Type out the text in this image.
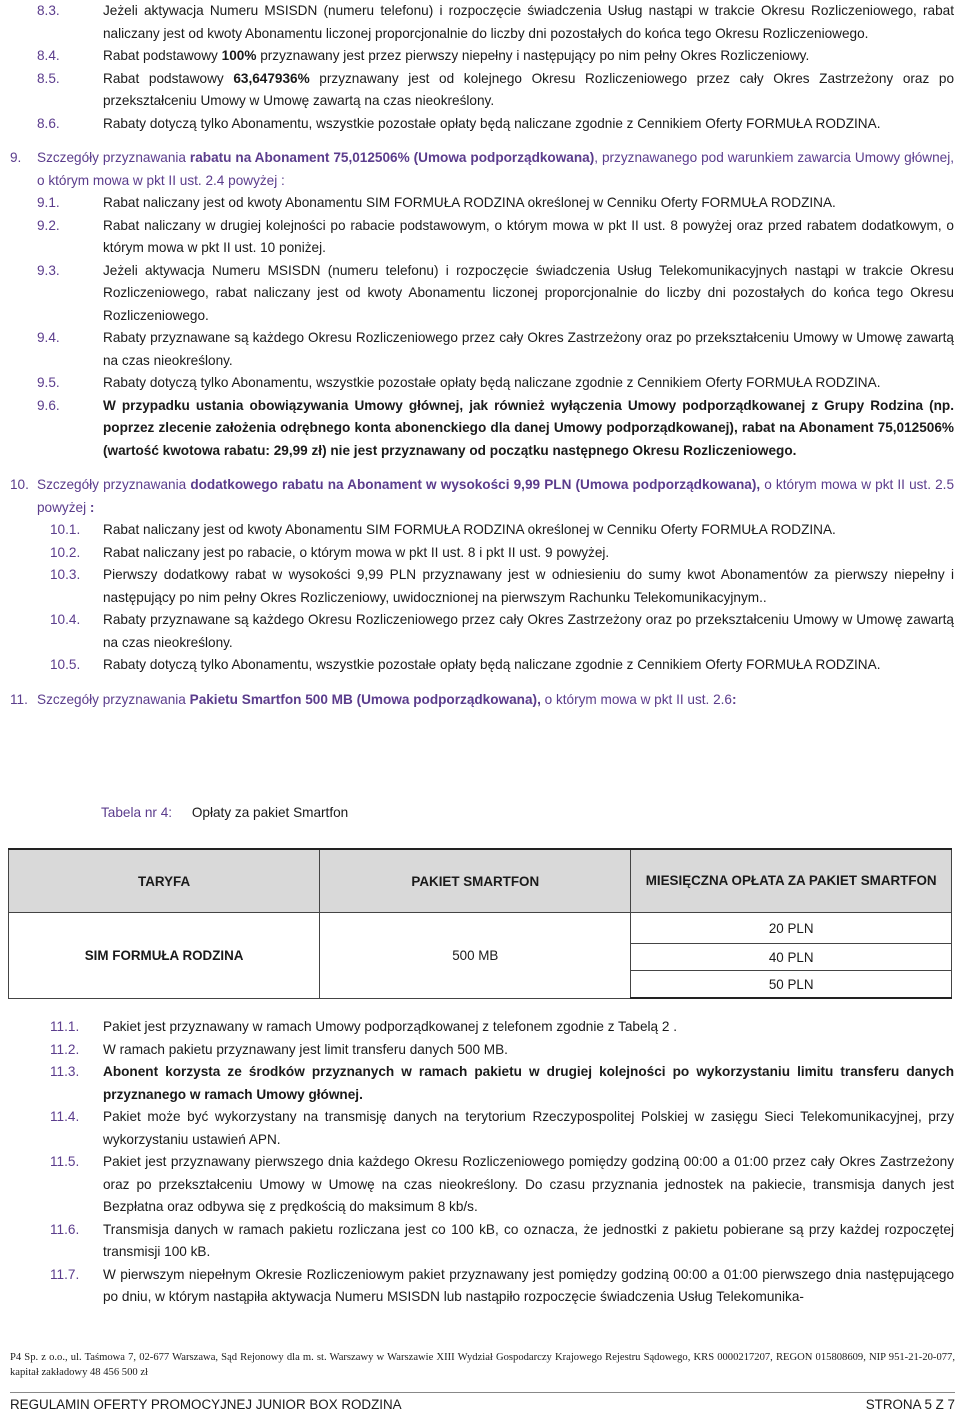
8.3.	Jeżeli aktywacja Numeru MSISDN (numeru telefonu) i rozpoczęcie świadczenia Usług nastąpi w trakcie Okresu Rozliczeniowego, rabat naliczany jest od kwoty Abonamentu liczonej proporcjonalnie do liczby dni pozostałych do końca tego Okresu Rozliczeniowego.
8.4.	Rabat podstawowy 100% przyznawany jest przez pierwszy niepełny i następujący po nim pełny Okres Rozliczeniowy.
8.5.	Rabat podstawowy 63,647936% przyznawany jest od kolejnego Okresu Rozliczeniowego przez cały Okres Zastrzeżony oraz po przekształceniu Umowy w Umowę zawartą na czas nieokreślony.
8.6.	Rabaty dotyczą tylko Abonamentu, wszystkie pozostałe opłaty będą naliczane zgodnie z Cennikiem Oferty FORMUŁA RODZINA.
9. Szczegóły przyznawania rabatu na Abonament 75,012506% (Umowa podporządkowana), przyznawanego pod warunkiem zawarcia Umowy głównej, o którym mowa w pkt II ust. 2.4 powyżej :
9.1.	Rabat naliczany jest od kwoty Abonamentu SIM FORMUŁA RODZINA określonej w Cenniku Oferty FORMUŁA RODZINA.
9.2.	Rabat naliczany w drugiej kolejności po rabacie podstawowym, o którym mowa w pkt II ust. 8 powyżej oraz przed rabatem dodatkowym, o którym mowa w pkt II ust. 10 poniżej.
9.3.	Jeżeli aktywacja Numeru MSISDN (numeru telefonu) i rozpoczęcie świadczenia Usług Telekomunikacyjnych nastąpi w trakcie Okresu Rozliczeniowego, rabat naliczany jest od kwoty Abonamentu liczonej proporcjonalnie do liczby dni pozostałych do końca tego Okresu Rozliczeniowego.
9.4.	Rabaty przyznawane są każdego Okresu Rozliczeniowego przez cały Okres Zastrzeżony oraz po przekształceniu Umowy w Umowę zawartą na czas nieokreślony.
9.5.	Rabaty dotyczą tylko Abonamentu, wszystkie pozostałe opłaty będą naliczane zgodnie z Cennikiem Oferty FORMUŁA RODZINA.
9.6.	W przypadku ustania obowiązywania Umowy głównej, jak również wyłączenia Umowy podporządkowanej z Grupy Rodzina (np. poprzez zlecenie założenia odrębnego konta abonenckiego dla danej Umowy podporządkowanej), rabat na Abonament 75,012506% (wartość kwotowa rabatu: 29,99 zł) nie jest przyznawany od początku następnego Okresu Rozliczeniowego.
10. Szczegóły przyznawania dodatkowego rabatu na Abonament w wysokości 9,99 PLN (Umowa podporządkowana), o którym mowa w pkt II ust. 2.5 powyżej :
10.1. Rabat naliczany jest od kwoty Abonamentu SIM FORMUŁA RODZINA określonej w Cenniku Oferty FORMUŁA RODZINA.
10.2. Rabat naliczany jest po rabacie, o którym mowa w pkt II ust. 8 i pkt II ust. 9 powyżej.
10.3. Pierwszy dodatkowy rabat w wysokości 9,99 PLN przyznawany jest w odniesieniu do sumy kwot Abonamentów za pierwszy niepełny i następujący po nim pełny Okres Rozliczeniowy, uwidocznionej na pierwszym Rachunku Telekomunikacyjnym..
10.4. Rabaty przyznawane są każdego Okresu Rozliczeniowego przez cały Okres Zastrzeżony oraz po przekształceniu Umowy w Umowę zawartą na czas nieokreślony.
10.5. Rabaty dotyczą tylko Abonamentu, wszystkie pozostałe opłaty będą naliczane zgodnie z Cennikiem Oferty FORMUŁA RODZINA.
11. Szczegóły przyznawania Pakietu Smartfon 500 MB (Umowa podporządkowana), o którym mowa w pkt II ust. 2.6:
Tabela nr 4: Opłaty za pakiet Smartfon
TARYFA	PAKIET SMARTFON	MIESIĘCZNA OPŁATA ZA PAKIET SMARTFON
SIM FORMUŁA RODZINA	500 MB	20 PLN
		40 PLN
		50 PLN
11.1. Pakiet jest przyznawany w ramach Umowy podporządkowanej z telefonem zgodnie z Tabelą 2 .
11.2. W ramach pakietu przyznawany jest limit transferu danych 500 MB.
11.3. Abonent korzysta ze środków przyznanych w ramach pakietu w drugiej kolejności po wykorzystaniu limitu transferu danych przyznanego w ramach Umowy głównej.
11.4. Pakiet może być wykorzystany na transmisję danych na terytorium Rzeczypospolitej Polskiej w zasięgu Sieci Telekomunikacyjnej, przy wykorzystaniu ustawień APN.
11.5. Pakiet jest przyznawany pierwszego dnia każdego Okresu Rozliczeniowego pomiędzy godziną 00:00 a 01:00 przez cały Okres Zastrzeżony oraz po przekształceniu Umowy w Umowę na czas nieokreślony. Do czasu przyznania jednostek na pakiecie, transmisja danych jest Bezpłatna oraz odbywa się z prędkością do maksimum 8 kb/s.
11.6. Transmisja danych w ramach pakietu rozliczana jest co 100 kB, co oznacza, że jednostki z pakietu pobierane są przy każdej rozpoczętej transmisji 100 kB.
11.7. W pierwszym niepełnym Okresie Rozliczeniowym pakiet przyznawany jest pomiędzy godziną 00:00 a 01:00 pierwszego dnia następującego po dniu, w którym nastąpiła aktywacja Numeru MSISDN lub nastąpiło rozpoczęcie świadczenia Usług Telekomunika-
P4 Sp. z o.o., ul. Taśmowa 7, 02-677 Warszawa, Sąd Rejonowy dla m. st. Warszawy w Warszawie XIII Wydział Gospodarczy Krajowego Rejestru Sądowego, KRS 0000217207, REGON 015808609, NIP 951-21-20-077, kapitał zakładowy 48 456 500 zł
REGULAMIN OFERTY PROMOCYJNEJ JUNIOR BOX RODZINA	STRONA 5 Z 7
